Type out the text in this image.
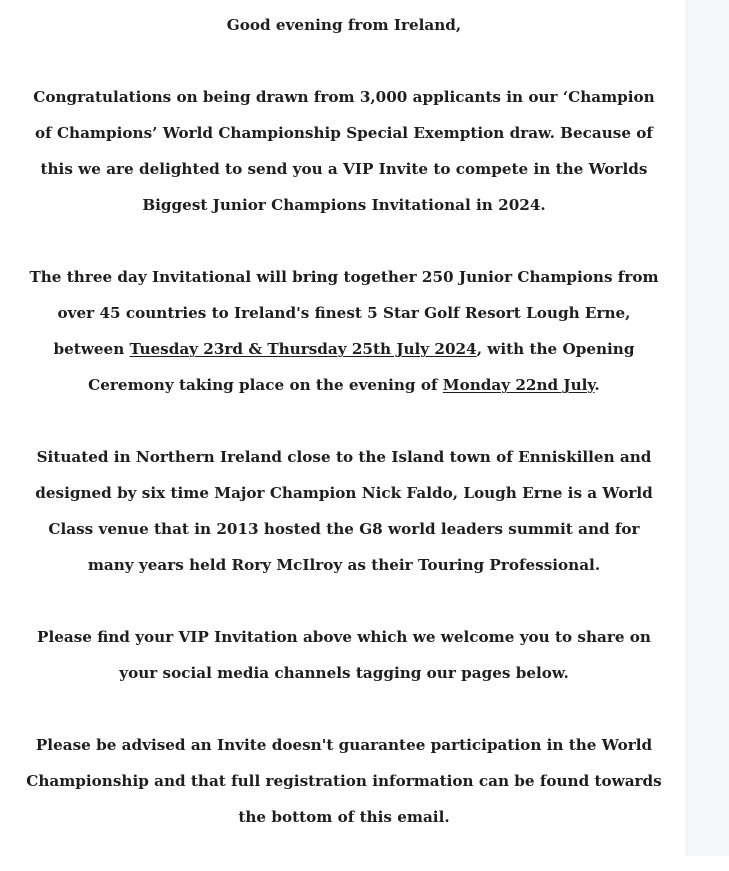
Good evening from Ireland,

Congratulations on being drawn from 3,000 applicants in our ‘Champion of Champions’ World Championship Special Exemption draw. Because of this we are delighted to send you a VIP Invite to compete in the Worlds Biggest Junior Champions Invitational in 2024.

The three day Invitational will bring together 250 Junior Champions from over 45 countries to Ireland's finest 5 Star Golf Resort Lough Erne, between Tuesday 23rd & Thursday 25th July 2024, with the Opening Ceremony taking place on the evening of Monday 22nd July.

Situated in Northern Ireland close to the Island town of Enniskillen and designed by six time Major Champion Nick Faldo, Lough Erne is a World Class venue that in 2013 hosted the G8 world leaders summit and for many years held Rory McIlroy as their Touring Professional.

Please find your VIP Invitation above which we welcome you to share on your social media channels tagging our pages below.

Please be advised an Invite doesn't guarantee participation in the World Championship and that full registration information can be found towards the bottom of this email.
